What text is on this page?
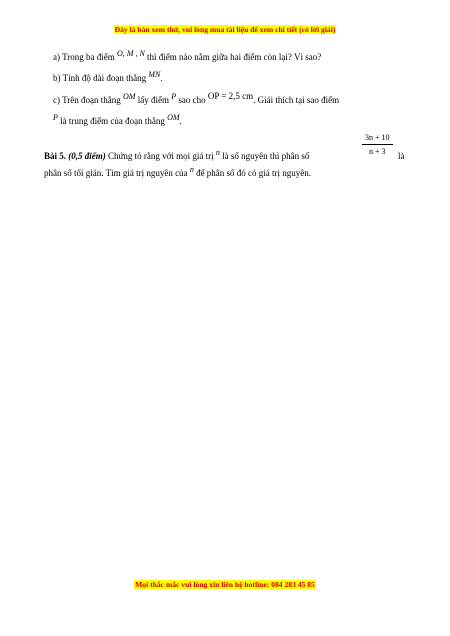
Đây là bản xem thử, vui lòng mua tài liệu để xem chi tiết (có lời giải)
a) Trong ba điểm O, M , N thì điểm nào nằm giữa hai điểm còn lại? Vì sao?
b) Tính độ dài đoạn thẳng MN.
c) Trên đoạn thẳng OM lấy điểm P sao cho OP = 2,5 cm. Giải thích tại sao điểm
P là trung điểm của đoạn thẳng OM.
Bài 5. (0,5 điểm) Chứng tỏ rằng với mọi giá trị n là số nguyên thì phân số	$\frac{3n + 10}{n + 3}$ là
phân số tối giản. Tìm giá trị nguyên của n để phân số đó có giá trị nguyên.
Mọi thắc mắc vui lòng xin liên hệ hotline: 084 283 45 85
